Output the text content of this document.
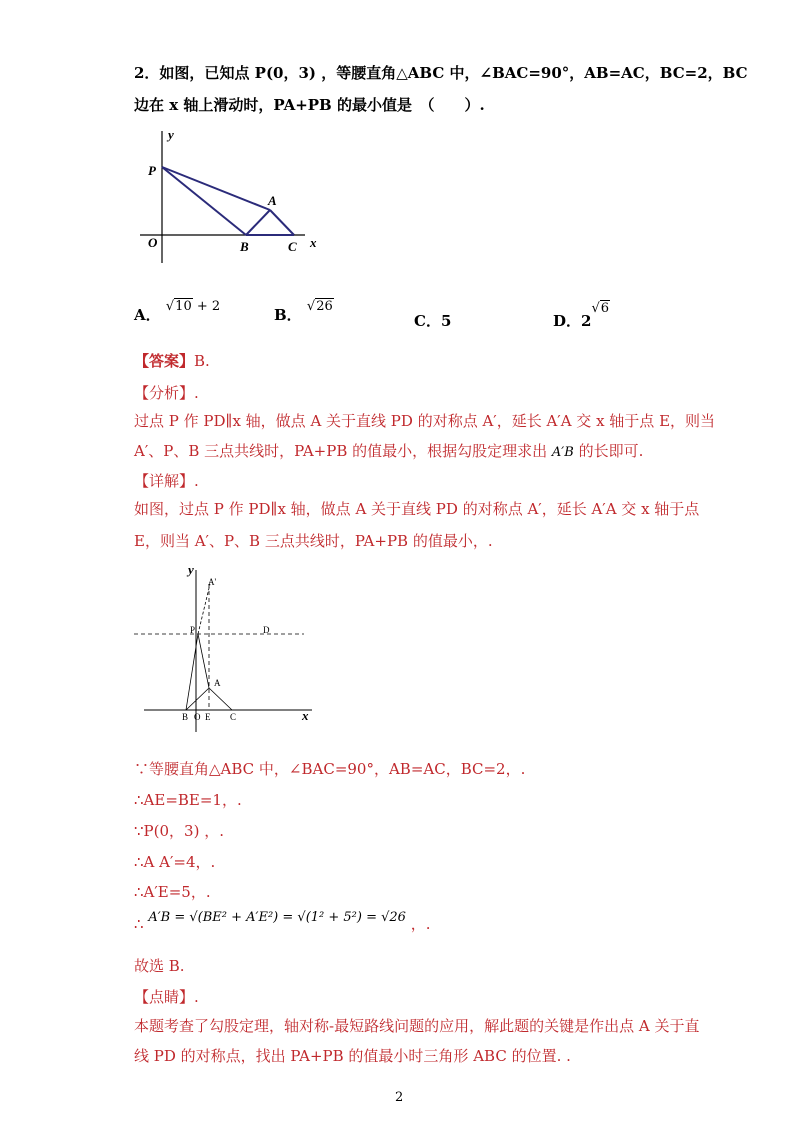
2．如图，已知点 P(0，3) ，等腰直角△ABC 中，∠BAC=90°，AB=AC，BC=2，BC
边在 x 轴上滑动时，PA+PB 的最小值是　（　　）.
y
x
P
A
O	B	C
A． √10 + 2	B． √26
C．5	D．2√6
【答案】B.
【分析】.
过点 P 作 PD∥x 轴，做点 A 关于直线 PD 的对称点 A′，延长 A′A 交 x 轴于点 E，则当
A′、P、B 三点共线时，PA+PB 的值最小，根据勾股定理求出 A′B 的长即可.
【详解】.
如图，过点 P 作 PD∥x 轴，做点 A 关于直线 PD 的对称点 A′，延长 A′A 交 x 轴于点
E，则当 A′、P、B 三点共线时，PA+PB 的值最小，.
y
x
A'
P	D
A
B O E C
∵等腰直角△ABC 中，∠BAC=90°，AB=AC，BC=2，.
∴AE=BE=1，.
∵P(0，3) ，.
∴A A′=4，.
∴A′E=5，.
∴ A′B = √(BE² + A′E²) = √(1² + 5²) = √26 ，.
故选 B.
【点睛】.
本题考查了勾股定理，轴对称-最短路线问题的应用，解此题的关键是作出点 A 关于直
线 PD 的对称点，找出 PA+PB 的值最小时三角形 ABC 的位置. .
2
